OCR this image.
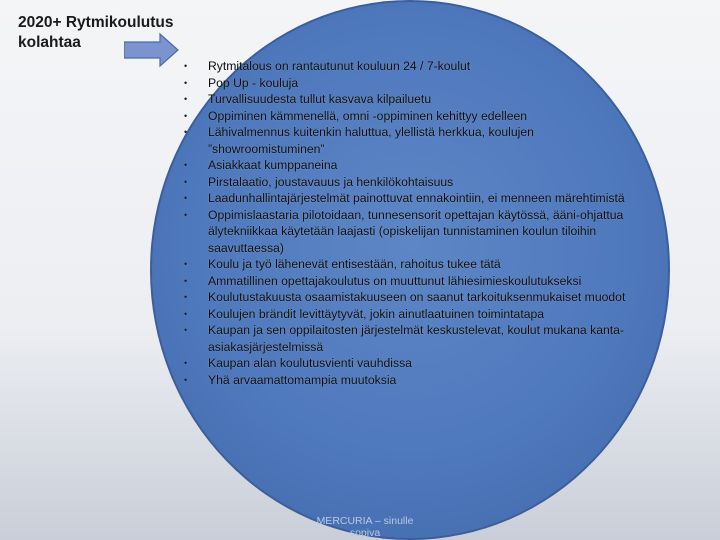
2020+ Rytmikoulutus kolahtaa
•	Rytmitalous on rantautunut kouluun 24 / 7-koulut
•	Pop Up - kouluja
•	Turvallisuudesta tullut kasvava kilpailuetu
•	Oppiminen kämmenellä, omni -oppiminen kehittyy edelleen
•	Lähivalmennus kuitenkin haluttua, ylellistä herkkua, koulujen ”showroomistuminen”
•	Asiakkaat kumppaneina
•	Pirstalaatio, joustavauus ja henkilökohtaisuus
•	Laadunhallintajärjestelmät painottuvat ennakointiin, ei menneen märehtimistä
•	Oppimislaastaria pilotoidaan, tunnesensorit opettajan käytössä, ääni-ohjattua älytekniikkaa käytetään laajasti (opiskelijan tunnistaminen koulun tiloihin saavuttaessa)
•	Koulu ja työ lähenevät entisestään, rahoitus tukee tätä
•	Ammatillinen opettajakoulutus on muuttunut lähiesimieskoulutukseksi
•	Koulutustakuusta osaamistakuuseen on saanut tarkoituksenmukaiset muodot
•	Koulujen brändit levittäytyvät, jokin ainutlaatuinen toimintatapa
•	Kaupan ja sen oppilaitosten järjestelmät keskustelevat, koulut mukana kanta-asiakasjärjestelmissä
•	Kaupan alan koulutusvienti vauhdissa
•	Yhä arvaamattomampia muutoksia
MERCURIA – sinulle sopiva
